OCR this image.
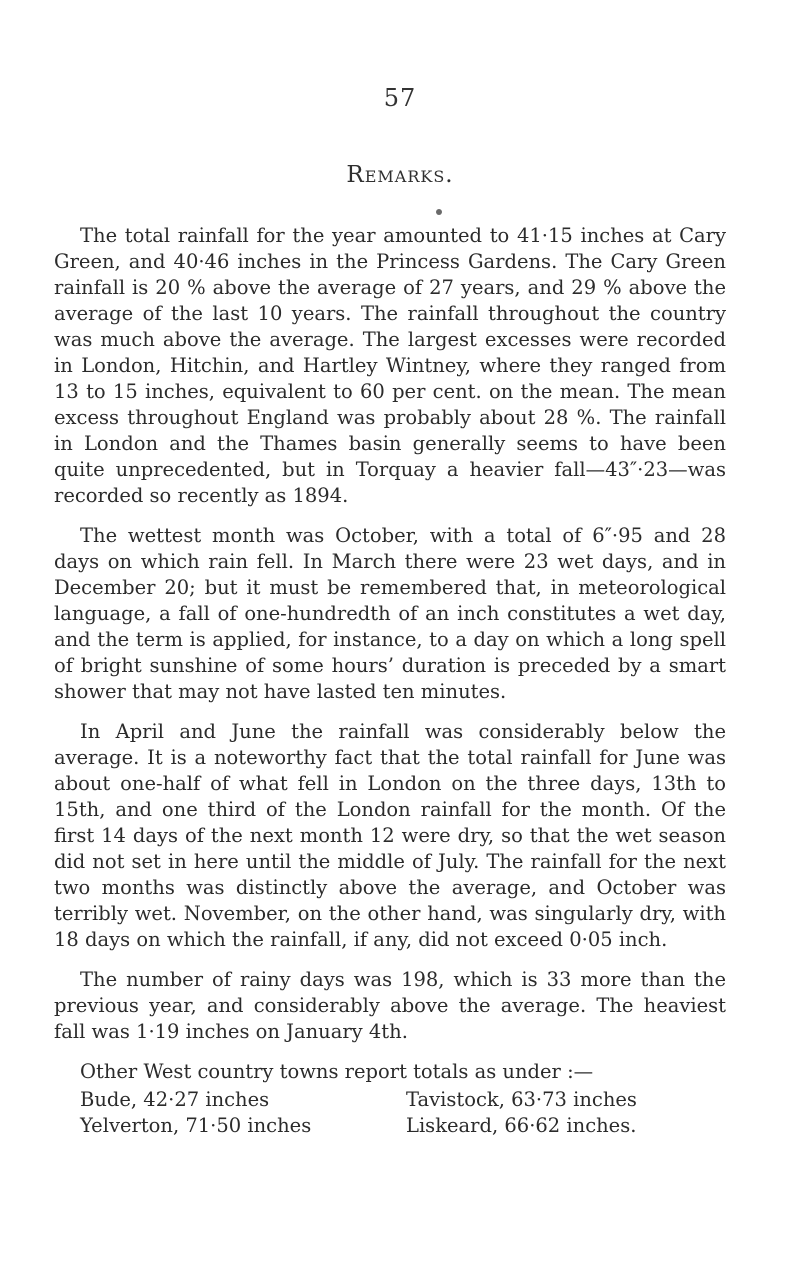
57
Remarks.

The total rainfall for the year amounted to 41·15 inches at Cary Green, and 40·46 inches in the Princess Gardens. The Cary Green rainfall is 20 % above the average of 27 years, and 29 % above the average of the last 10 years. The rainfall throughout the country was much above the average. The largest excesses were recorded in London, Hitchin, and Hartley Wintney, where they ranged from 13 to 15 inches, equivalent to 60 per cent. on the mean. The mean excess throughout England was probably about 28 %. The rainfall in London and the Thames basin generally seems to have been quite unprecedented, but in Torquay a heavier fall—43″·23—was recorded so recently as 1894.

The wettest month was October, with a total of 6″·95 and 28 days on which rain fell. In March there were 23 wet days, and in December 20; but it must be remembered that, in meteorological language, a fall of one-hundredth of an inch constitutes a wet day, and the term is applied, for instance, to a day on which a long spell of bright sunshine of some hours’ duration is preceded by a smart shower that may not have lasted ten minutes.

In April and June the rainfall was considerably below the average. It is a noteworthy fact that the total rainfall for June was about one-half of what fell in London on the three days, 13th to 15th, and one third of the London rainfall for the month. Of the first 14 days of the next month 12 were dry, so that the wet season did not set in here until the middle of July. The rainfall for the next two months was distinctly above the average, and October was terribly wet. November, on the other hand, was singularly dry, with 18 days on which the rainfall, if any, did not exceed 0·05 inch.

The number of rainy days was 198, which is 33 more than the previous year, and considerably above the average. The heaviest fall was 1·19 inches on January 4th.

Other West country towns report totals as under :—

Bude, 42·27 inches	Tavistock, 63·73 inches
Yelverton, 71·50 inches	Liskeard, 66·62 inches.
